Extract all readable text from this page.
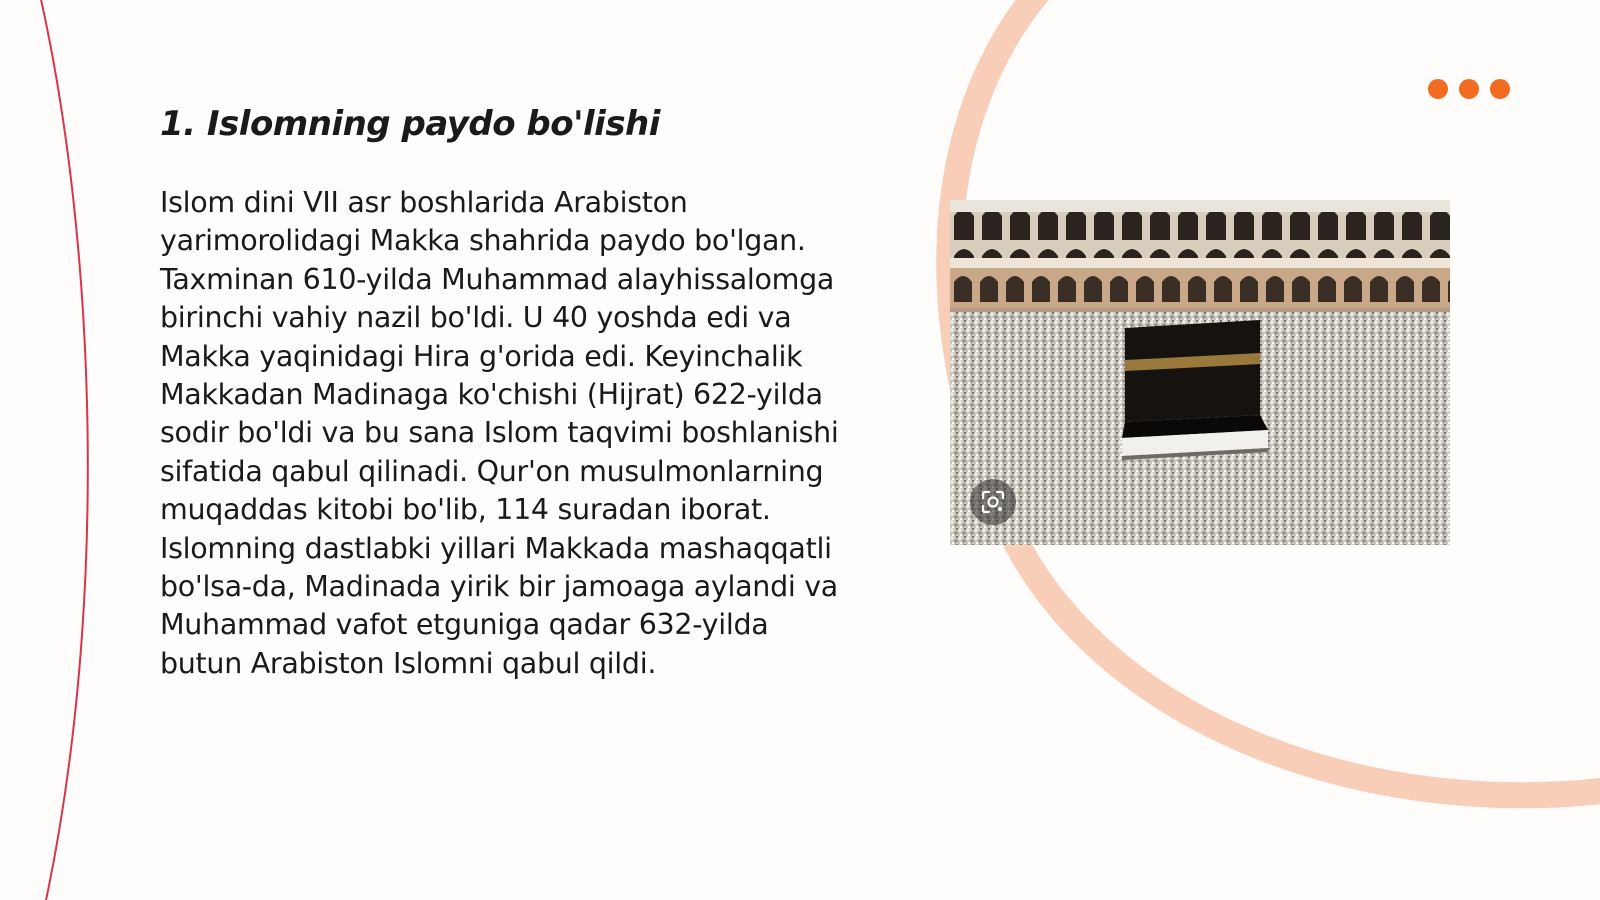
1. Islomning paydo bo'lishi

Islom dini VII asr boshlarida Arabiston yarimorolidagi Makka shahrida paydo bo'lgan. Taxminan 610-yilda Muhammad alayhissalomga birinchi vahiy nazil bo'ldi. U 40 yoshda edi va Makka yaqinidagi Hira g'orida edi. Keyinchalik Makkadan Madinaga ko'chishi (Hijrat) 622-yilda sodir bo'ldi va bu sana Islom taqvimi boshlanishi sifatida qabul qilinadi. Qur'on musulmonlarning muqaddas kitobi bo'lib, 114 suradan iborat. Islomning dastlabki yillari Makkada mashaqqatli bo'lsa-da, Madinada yirik bir jamoaga aylandi va Muhammad vafot etguniga qadar 632-yilda butun Arabiston Islomni qabul qildi.
